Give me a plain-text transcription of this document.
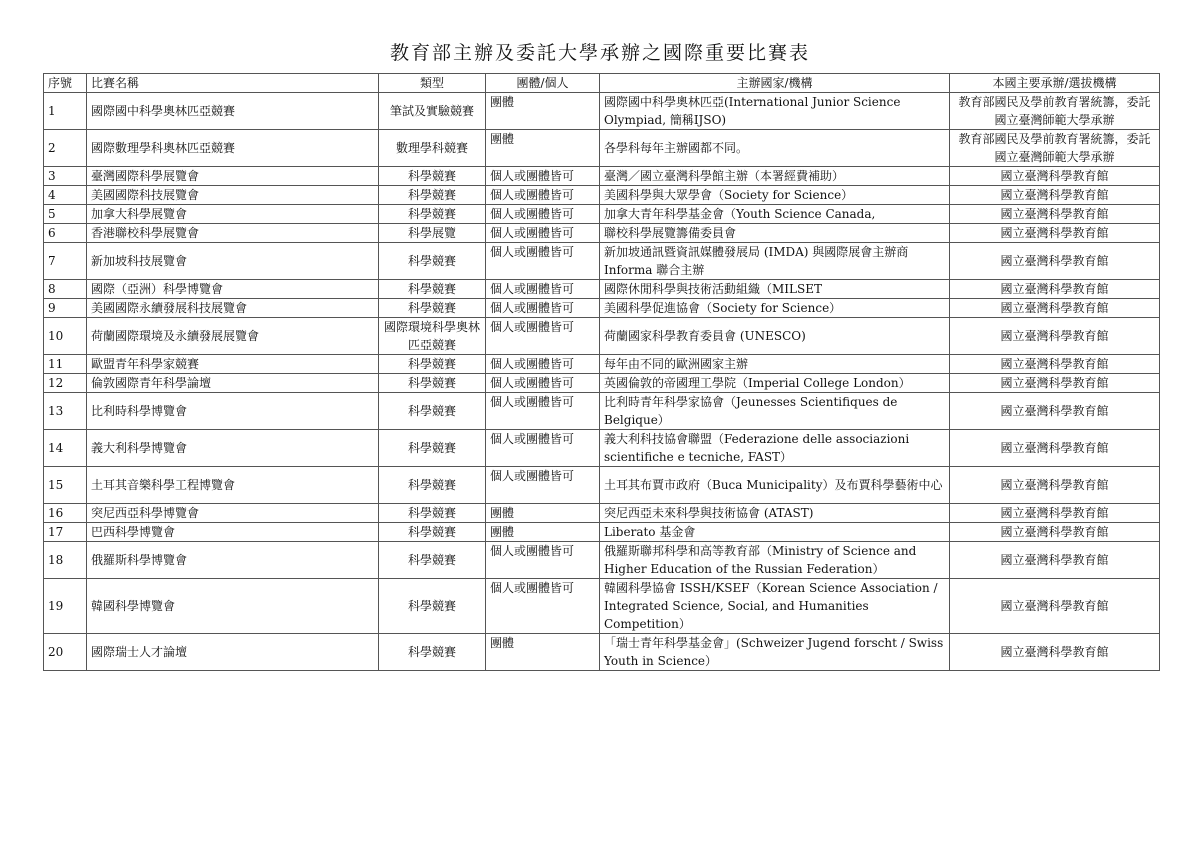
教育部主辦及委託大學承辦之國際重要比賽表
序號	比賽名稱	類型	團體/個人	主辦國家/機構	本國主要承辦/選拔機構
1	國際國中科學奧林匹亞競賽	筆試及實驗競賽	團體	國際國中科學奧林匹亞(International Junior Science Olympiad, 簡稱IJSO)	教育部國民及學前教育署統籌，委託國立臺灣師範大學承辦
2	國際數理學科奧林匹亞競賽	數理學科競賽	團體	各學科每年主辦國都不同。	教育部國民及學前教育署統籌，委託國立臺灣師範大學承辦
3	臺灣國際科學展覽會	科學競賽	個人或團體皆可	臺灣／國立臺灣科學館主辦（本署經費補助）	國立臺灣科學教育館
4	美國國際科技展覽會	科學競賽	個人或團體皆可	美國科學與大眾學會（Society for Science）	國立臺灣科學教育館
5	加拿大科學展覽會	科學競賽	個人或團體皆可	加拿大青年科學基金會（Youth Science Canada,	國立臺灣科學教育館
6	香港聯校科學展覽會	科學展覽	個人或團體皆可	聯校科學展覽籌備委員會	國立臺灣科學教育館
7	新加坡科技展覽會	科學競賽	個人或團體皆可	新加坡通訊暨資訊媒體發展局 (IMDA) 與國際展會主辦商 Informa 聯合主辦	國立臺灣科學教育館
8	國際（亞洲）科學博覽會	科學競賽	個人或團體皆可	國際休閒科學與技術活動組織（MILSET	國立臺灣科學教育館
9	美國國際永續發展科技展覽會	科學競賽	個人或團體皆可	美國科學促進協會（Society for Science）	國立臺灣科學教育館
10	荷蘭國際環境及永續發展展覽會	國際環境科學奧林匹亞競賽	個人或團體皆可	荷蘭國家科學教育委員會 (UNESCO)	國立臺灣科學教育館
11	歐盟青年科學家競賽	科學競賽	個人或團體皆可	每年由不同的歐洲國家主辦	國立臺灣科學教育館
12	倫敦國際青年科學論壇	科學競賽	個人或團體皆可	英國倫敦的帝國理工學院（Imperial College London）	國立臺灣科學教育館
13	比利時科學博覽會	科學競賽	個人或團體皆可	比利時青年科學家協會（Jeunesses Scientifiques de Belgique）	國立臺灣科學教育館
14	義大利科學博覽會	科學競賽	個人或團體皆可	義大利科技協會聯盟（Federazione delle associazioni scientifiche e tecniche, FAST）	國立臺灣科學教育館
15	土耳其音樂科學工程博覽會	科學競賽	個人或團體皆可	土耳其布賈市政府（Buca Municipality）及布賈科學藝術中心	國立臺灣科學教育館
16	突尼西亞科學博覽會	科學競賽	團體	突尼西亞未來科學與技術協會 (ATAST)	國立臺灣科學教育館
17	巴西科學博覽會	科學競賽	團體	Liberato 基金會	國立臺灣科學教育館
18	俄羅斯科學博覽會	科學競賽	個人或團體皆可	俄羅斯聯邦科學和高等教育部（Ministry of Science and Higher Education of the Russian Federation）	國立臺灣科學教育館
19	韓國科學博覽會	科學競賽	個人或團體皆可	韓國科學協會 ISSH/KSEF（Korean Science Association / Integrated Science, Social, and Humanities Competition）	國立臺灣科學教育館
20	國際瑞士人才論壇	科學競賽	團體	「瑞士青年科學基金會」(Schweizer Jugend forscht / Swiss Youth in Science）	國立臺灣科學教育館
